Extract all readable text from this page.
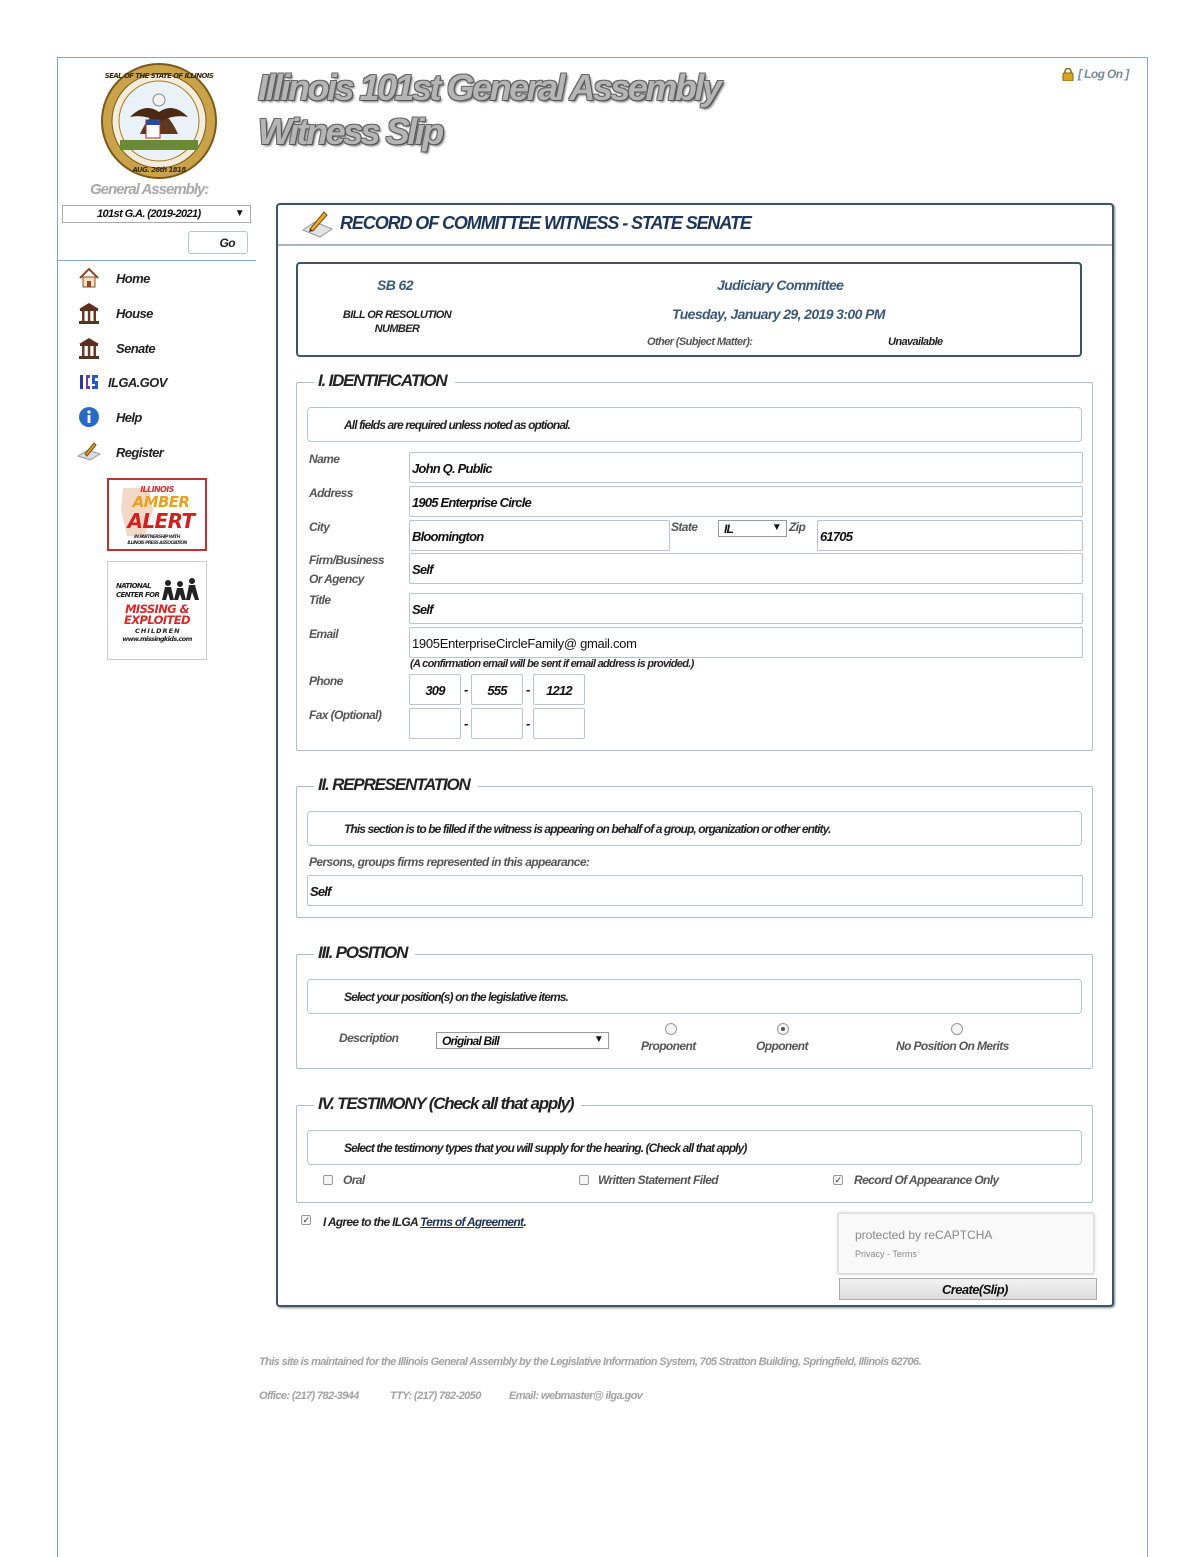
SEAL OF THE STATE OF ILLINOIS
AUG. 26th 1818
Illinois 101st General Assembly
Witness Slip
[ Log On ]
General Assembly:
101st G.A. (2019-2021)	▼
Go
Home
House
Senate
ILGA.GOV
Help
Register
ILLINOIS
AMBER
ALERT
IN PARTNERSHIP WITH
ILLINOIS PRESS ASSOCIATION
NATIONAL
CENTER FOR
MISSING &
EXPLOITED
C H I L D R E N
www.missingkids.com
RECORD OF COMMITTEE WITNESS - STATE SENATE
SB 62
BILL OR RESOLUTION
NUMBER
Judiciary Committee
Tuesday, January 29, 2019 3:00 PM
Other (Subject Matter):	Unavailable
I. IDENTIFICATION
All fields are required unless noted as optional.
Name
John Q. Public
Address
1905 Enterprise Circle
City
Bloomington
State	IL	▼ Zip
61705
Firm/Business
Or Agency
Self
Title
Self
Email
1905EnterpriseCircleFamily@ gmail.com
(A confirmation email will be sent if email address is provided.)
Phone
309	-	555	-	1212
Fax (Optional)
-	-
II. REPRESENTATION
This section is to be filled if the witness is appearing on behalf of a group, organization or other entity.
Persons, groups firms represented in this appearance:
Self
III. POSITION
Select your position(s) on the legislative items.
Description	Original Bill	▼	Proponent	Opponent	No Position On Merits
IV. TESTIMONY (Check all that apply)
Select the testimony types that you will supply for the hearing. (Check all that apply)
Oral	Written Statement Filed	✓ Record Of Appearance Only
✓ I Agree to the ILGA Terms of Agreement.
protected by reCAPTCHA
Privacy - Terms
Create(Slip)
This site is maintained for the Illinois General Assembly by the Legislative Information System, 705 Stratton Building, Springfield, Illinois 62706.
Office: (217) 782-3944	TTY: (217) 782-2050	Email: webmaster@ ilga.gov
